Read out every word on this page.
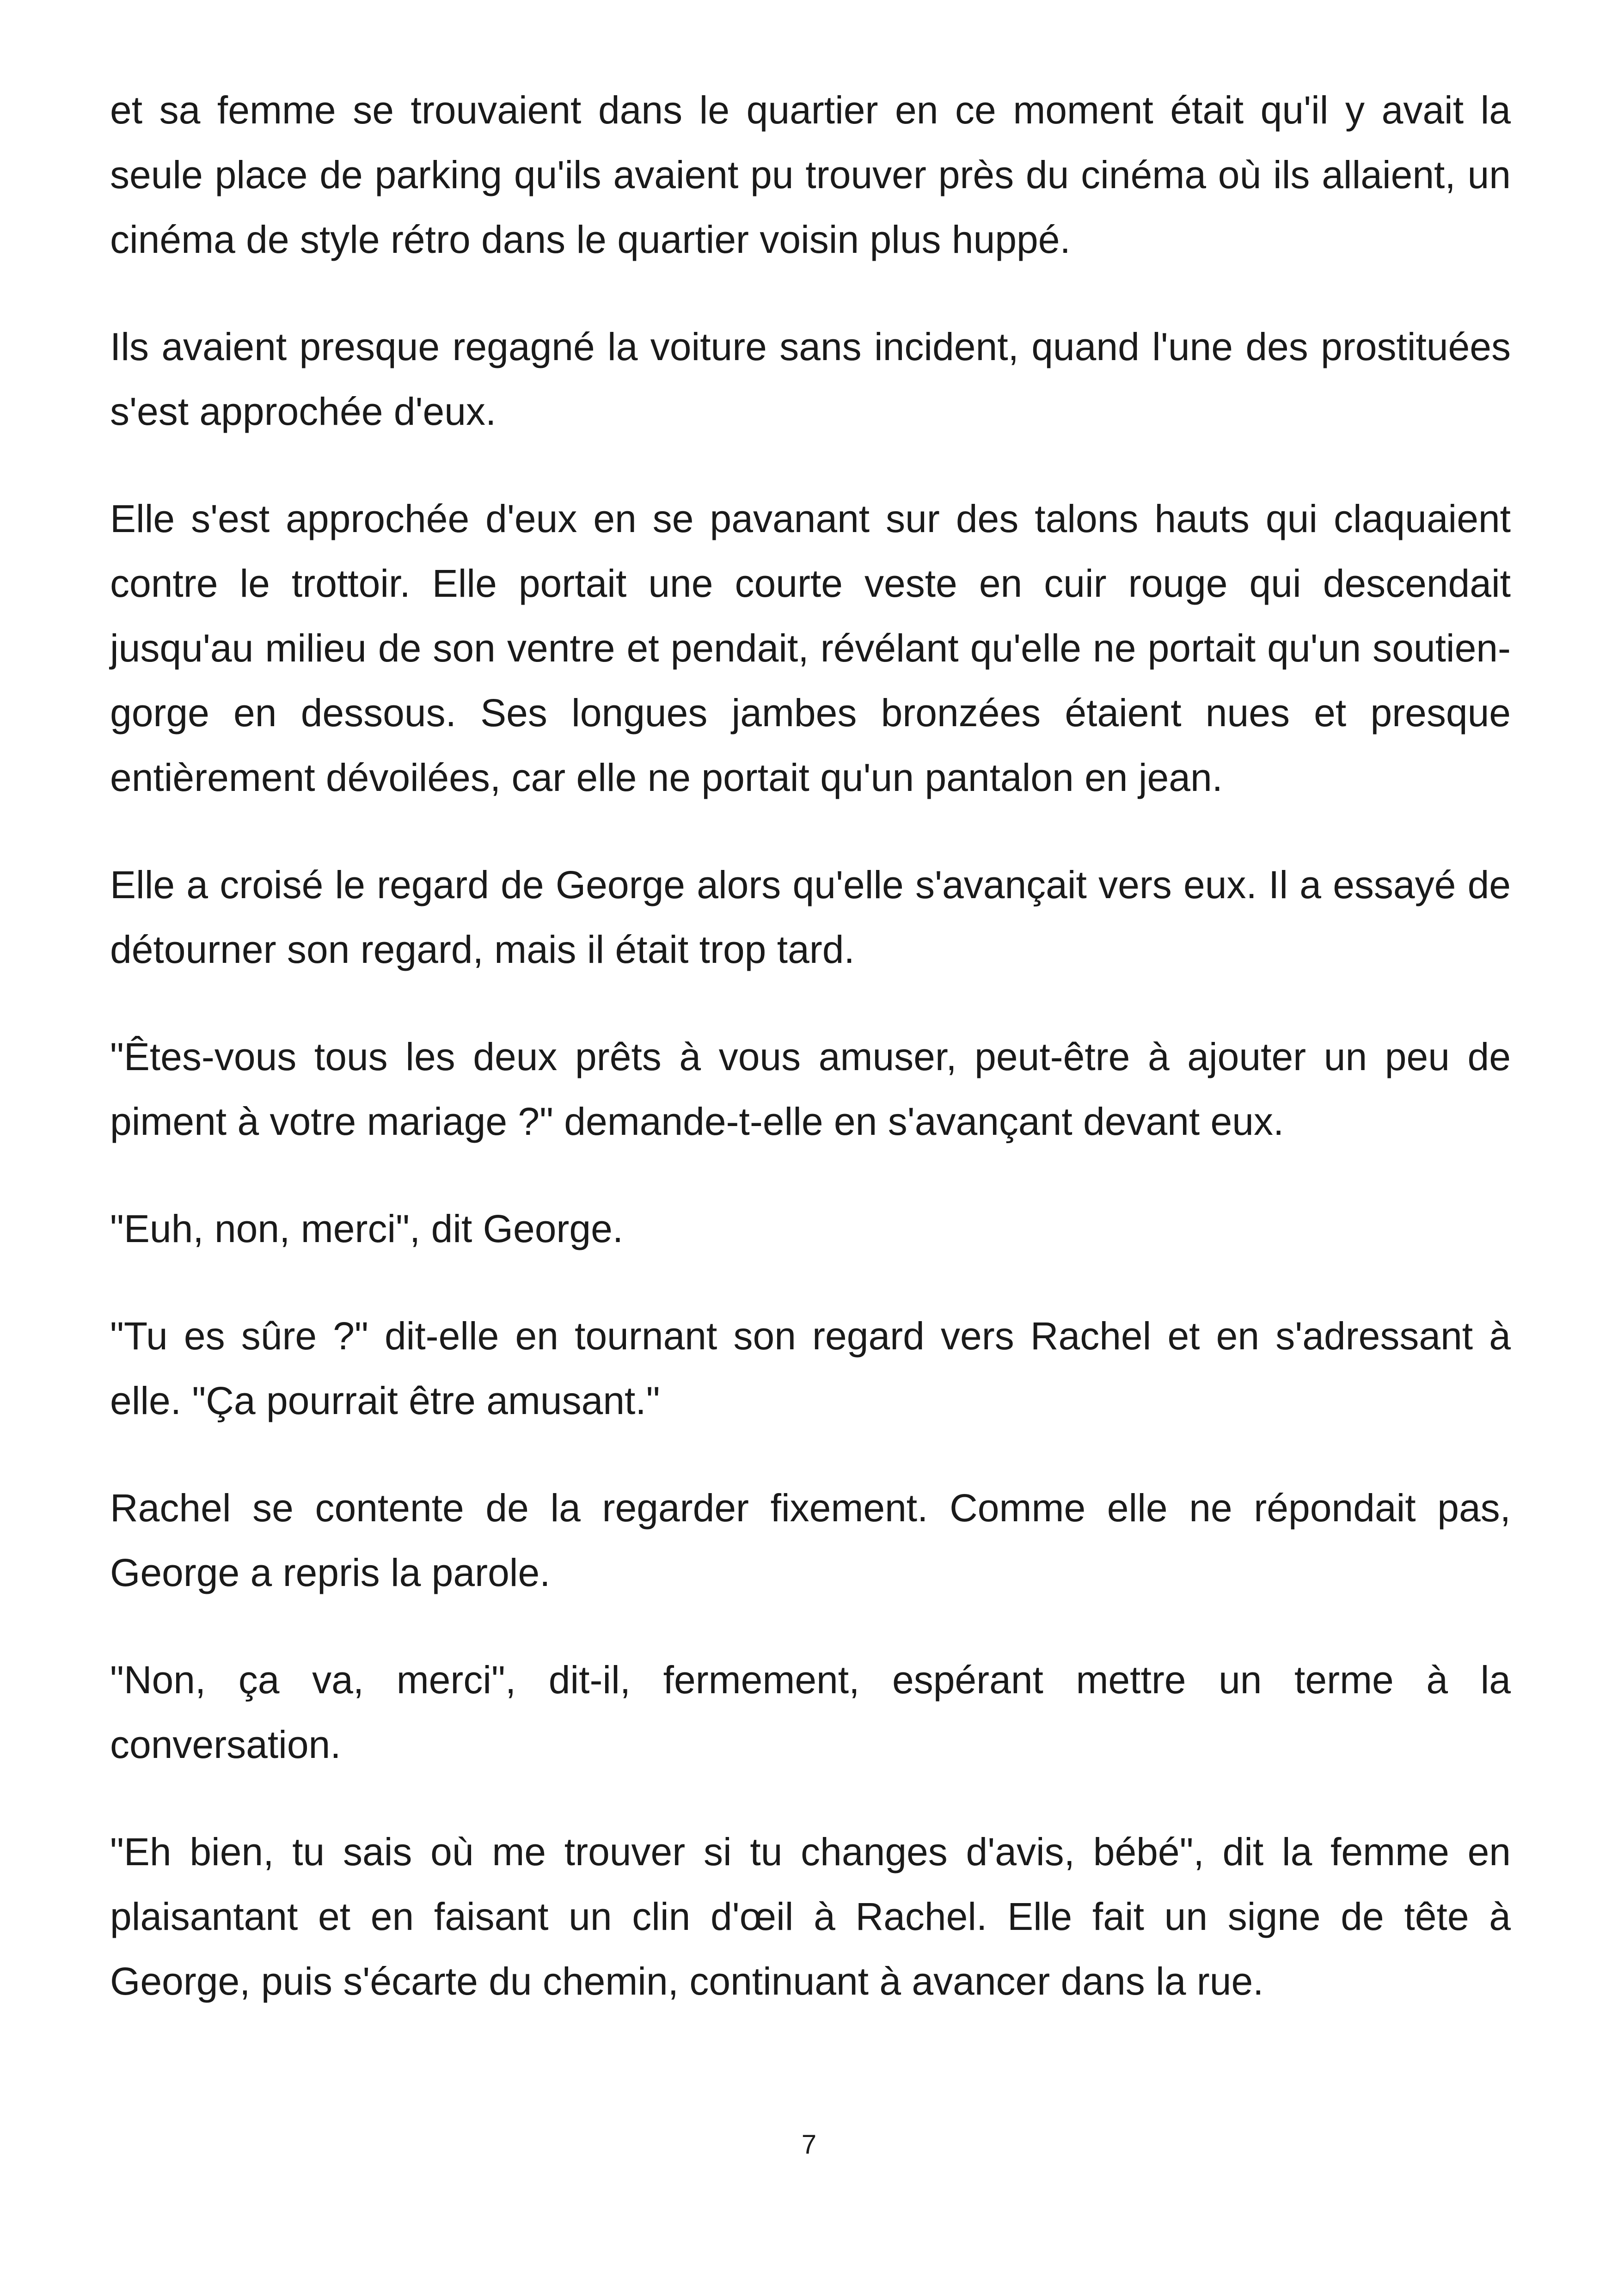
et sa femme se trouvaient dans le quartier en ce moment était qu'il y avait la seule place de parking qu'ils avaient pu trouver près du cinéma où ils allaient, un cinéma de style rétro dans le quartier voisin plus huppé.

Ils avaient presque regagné la voiture sans incident, quand l'une des prostituées s'est approchée d'eux.

Elle s'est approchée d'eux en se pavanant sur des talons hauts qui claquaient contre le trottoir. Elle portait une courte veste en cuir rouge qui descendait jusqu'au milieu de son ventre et pendait, révélant qu'elle ne portait qu'un soutien-gorge en dessous. Ses longues jambes bronzées étaient nues et presque entièrement dévoilées, car elle ne portait qu'un pantalon en jean.

Elle a croisé le regard de George alors qu'elle s'avançait vers eux. Il a essayé de détourner son regard, mais il était trop tard.

"Êtes-vous tous les deux prêts à vous amuser, peut-être à ajouter un peu de piment à votre mariage ?" demande-t-elle en s'avançant devant eux.

"Euh, non, merci", dit George.

"Tu es sûre ?" dit-elle en tournant son regard vers Rachel et en s'adressant à elle. "Ça pourrait être amusant."

Rachel se contente de la regarder fixement. Comme elle ne répondait pas, George a repris la parole.

"Non, ça va, merci", dit-il, fermement, espérant mettre un terme à la conversation.

"Eh bien, tu sais où me trouver si tu changes d'avis, bébé", dit la femme en plaisantant et en faisant un clin d'œil à Rachel. Elle fait un signe de tête à George, puis s'écarte du chemin, continuant à avancer dans la rue.

7
